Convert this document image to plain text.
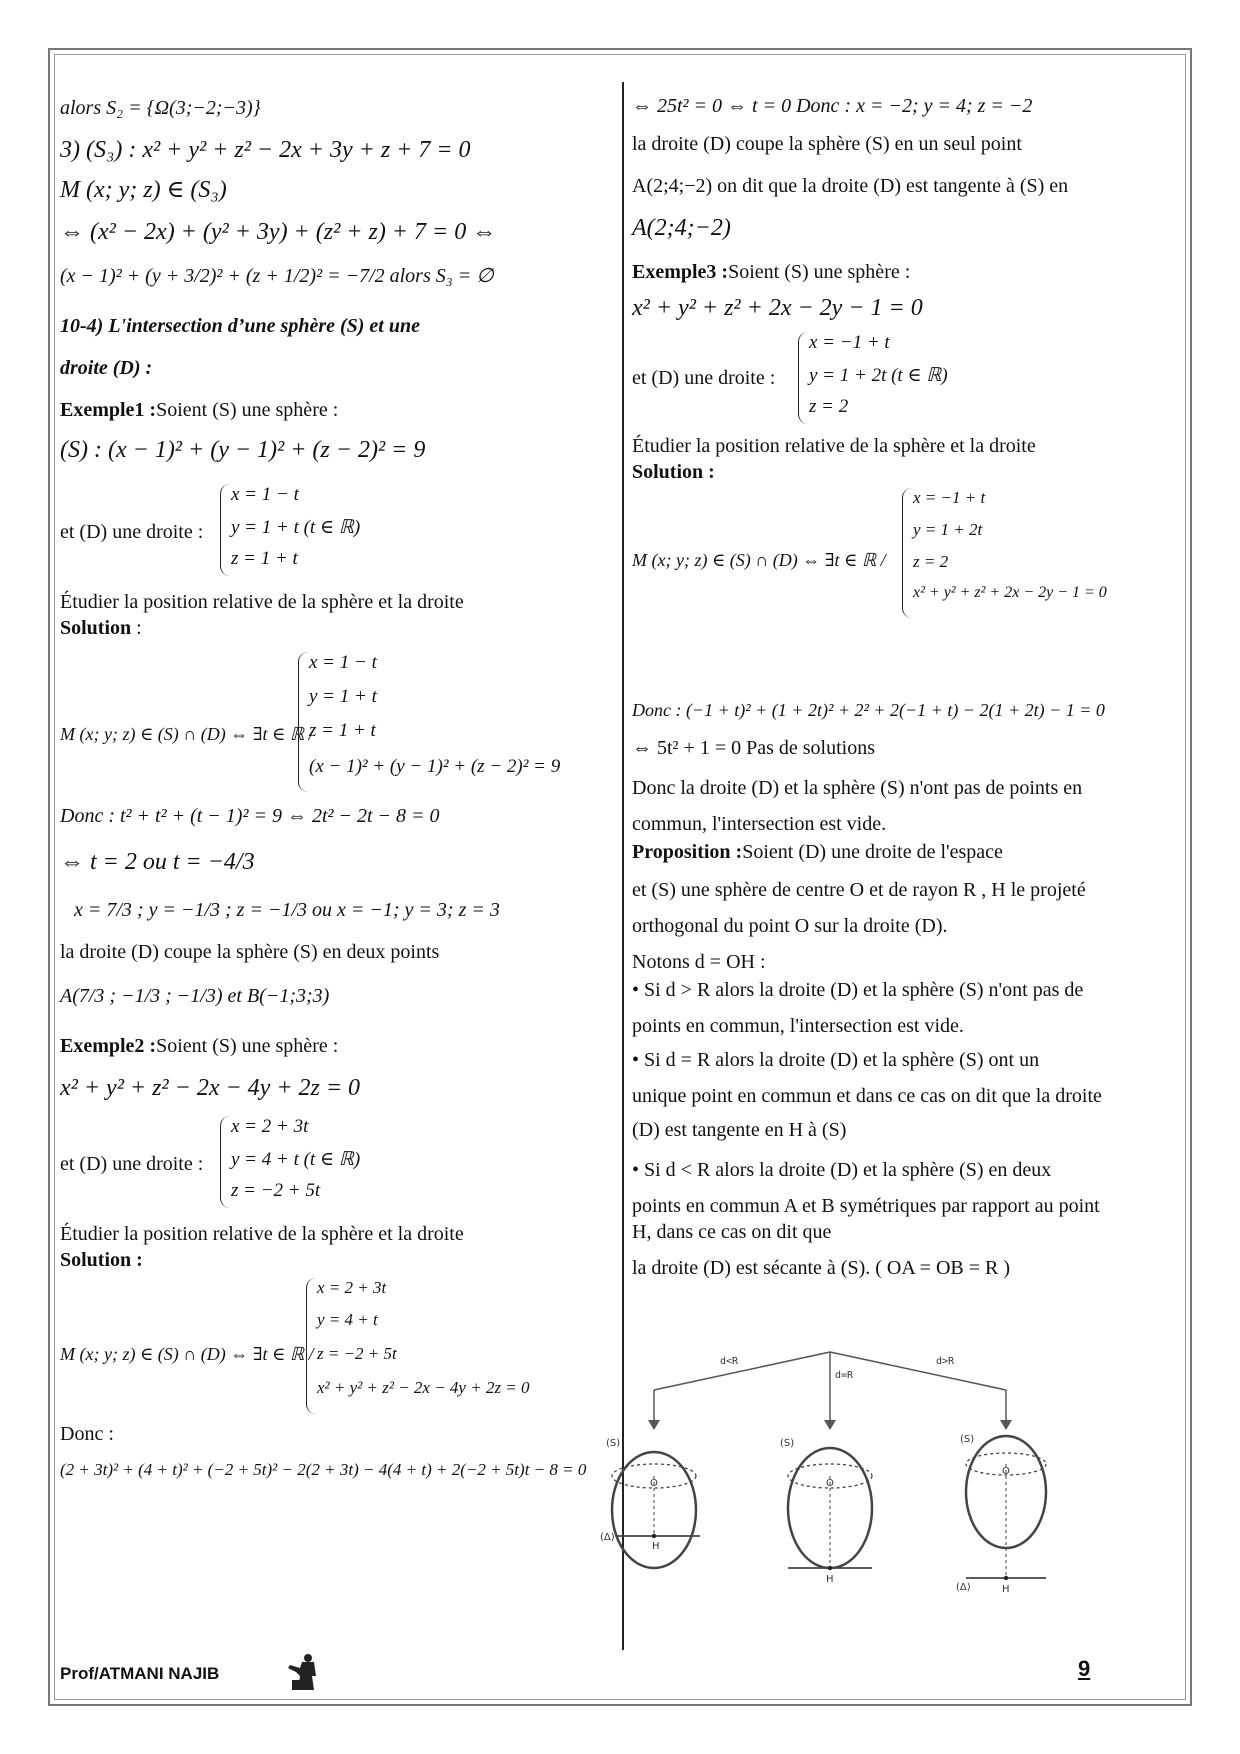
alors S₂ = {Ω(3;−2;−3)}
3) (S₃) : x² + y² + z² − 2x + 3y + z + 7 = 0
M (x; y; z) ∈ (S₃)
⇔ (x² − 2x) + (y² + 3y) + (z² + z) + 7 = 0 ⇔
(x − 1)² + (y + 3/2)² + (z + 1/2)² = −7/2 alors S₃ = ∅
10-4) L'intersection d’une sphère (S) et une
droite (D) :
Exemple1 :Soient (S) une sphère :
(S) : (x − 1)² + (y − 1)² + (z − 2)² = 9
et (D) une droite :
x = 1 − t
y = 1 + t (t ∈ ℝ)
z = 1 + t
Étudier la position relative de la sphère et la droite
Solution :
M (x; y; z) ∈ (S) ∩ (D) ⇔ ∃t ∈ ℝ /
x = 1 − t
y = 1 + t
z = 1 + t
(x − 1)² + (y − 1)² + (z − 2)² = 9
Donc : t² + t² + (t − 1)² = 9 ⇔ 2t² − 2t − 8 = 0
⇔ t = 2 ou t = −4/3
x = 7/3 ; y = −1/3 ; z = −1/3 ou x = −1; y = 3; z = 3
la droite (D) coupe la sphère (S) en deux points
A(7/3 ; −1/3 ; −1/3) et B(−1;3;3)
Exemple2 :Soient (S) une sphère :
x² + y² + z² − 2x − 4y + 2z = 0
et (D) une droite :
x = 2 + 3t
y = 4 + t (t ∈ ℝ)
z = −2 + 5t
Étudier la position relative de la sphère et la droite
Solution :
M (x; y; z) ∈ (S) ∩ (D) ⇔ ∃t ∈ ℝ /
x = 2 + 3t
y = 4 + t
z = −2 + 5t
x² + y² + z² − 2x − 4y + 2z = 0
Donc :
(2 + 3t)² + (4 + t)² + (−2 + 5t)² − 2(2 + 3t) − 4(4 + t) + 2(−2 + 5t)t − 8 = 0
⇔ 25t² = 0 ⇔ t = 0 Donc : x = −2; y = 4; z = −2
la droite (D) coupe la sphère (S) en un seul point
A(2;4;−2) on dit que la droite (D) est tangente à (S) en
A(2;4;−2)
Exemple3 :Soient (S) une sphère :
x² + y² + z² + 2x − 2y − 1 = 0
et (D) une droite :
x = −1 + t
y = 1 + 2t (t ∈ ℝ)
z = 2
Étudier la position relative de la sphère et la droite
Solution :
M (x; y; z) ∈ (S) ∩ (D) ⇔ ∃t ∈ ℝ /
x = −1 + t
y = 1 + 2t
z = 2
x² + y² + z² + 2x − 2y − 1 = 0
Donc : (−1 + t)² + (1 + 2t)² + 2² + 2(−1 + t) − 2(1 + 2t) − 1 = 0
⇔ 5t² + 1 = 0 Pas de solutions
Donc la droite (D) et la sphère (S) n'ont pas de points en
commun, l'intersection est vide.
Proposition :Soient (D) une droite de l'espace
et (S) une sphère de centre O et de rayon R , H le projeté
orthogonal du point O sur la droite (D).
Notons d = OH :
• Si d > R alors la droite (D) et la sphère (S) n'ont pas de
points en commun, l'intersection est vide.
• Si d = R alors la droite (D) et la sphère (S) ont un
unique point en commun et dans ce cas on dit que la droite
(D) est tangente en H à (S)
• Si d < R alors la droite (D) et la sphère (S) en deux
points en commun A et B symétriques par rapport au point
H, dans ce cas on dit que
la droite (D) est sécante à (S). ( OA = OB = R )
d<R
d=R
d>R
(S)	(S)	(S)
O	O
O
H
H
H
(Δ)
(Δ)
Prof/ATMANI NAJIB	9
